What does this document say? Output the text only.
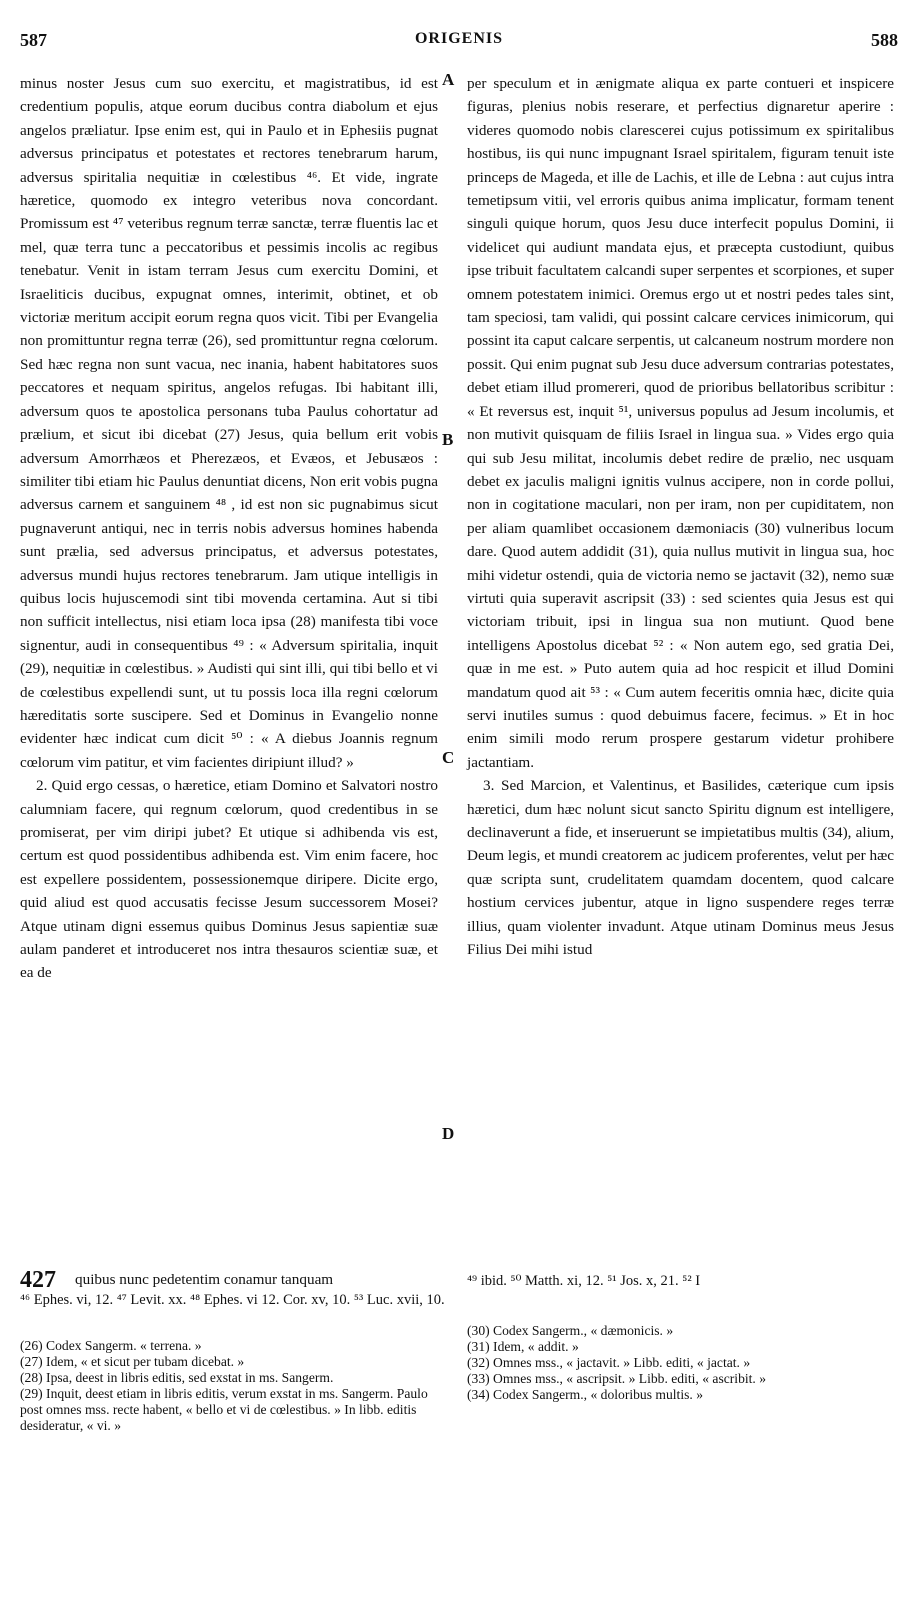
587	ORIGENIS	588

minus noster Jesus cum suo exercitu, et magistratibus, id est credentium populis, atque eorum ducibus contra diabolum et ejus angelos præliatur. Ipse enim est, qui in Paulo et in Ephesiis pugnat adversus principatus et potestates et rectores tenebrarum harum, adversus spiritalia nequitiæ in cœlestibus ⁴⁶. Et vide, ingrate hæretice, quomodo ex integro veteribus nova concordant. Promissum est ⁴⁷ veteribus regnum terræ sanctæ, terræ fluentis lac et mel, quæ terra tunc a peccatoribus et pessimis incolis ac regibus tenebatur. Venit in istam terram Jesus cum exercitu Domini, et Israeliticis ducibus, expugnat omnes, interimit, obtinet, et ob victoriæ meritum accipit eorum regna quos vicit. Tibi per Evangelia non promittuntur regna terræ (26), sed promittuntur regna cœlorum. Sed hæc regna non sunt vacua, nec inania, habent habitatores suos peccatores et nequam spiritus, angelos refugas. Ibi habitant illi, adversum quos te apostolica personans tuba Paulus cohortatur ad prælium, et sicut ibi dicebat (27) Jesus, quia bellum erit vobis adversum Amorrhæos et Pherezæos, et Evæos, et Jebusæos : similiter tibi etiam hic Paulus denuntiat dicens, Non erit vobis pugna adversus carnem et sanguinem ⁴⁸ , id est non sic pugnabimus sicut pugnaverunt antiqui, nec in terris nobis adversus homines habenda sunt prælia, sed adversus principatus, et adversus potestates, adversus mundi hujus rectores tenebrarum. Jam utique intelligis in quibus locis hujuscemodi sint tibi movenda certamina. Aut si tibi non sufficit intellectus, nisi etiam loca ipsa (28) manifesta tibi voce signentur, audi in consequentibus ⁴⁹ : « Adversum spiritalia, inquit (29), nequitiæ in cœlestibus. » Audisti qui sint illi, qui tibi bello et vi de cœlestibus expellendi sunt, ut tu possis loca illa regni cœlorum hæreditatis sorte suscipere. Sed et Dominus in Evangelio nonne evidenter hæc indicat cum dicit ⁵⁰ : « A diebus Joannis regnum cœlorum vim patitur, et vim facientes diripiunt illud? »

2. Quid ergo cessas, o hæretice, etiam Domino et Salvatori nostro calumniam facere, qui regnum cœlorum, quod credentibus in se promiserat, per vim diripi jubet? Et utique si adhibenda vis est, certum est quod possidentibus adhibenda est. Vim enim facere, hoc est expellere possidentem, possessionemque diripere. Dicite ergo, quid aliud est quod accusatis fecisse Jesum successorem Mosei? Atque utinam digni essemus quibus Dominus Jesus sapientiæ suæ aulam panderet et introduceret nos intra thesauros scientiæ suæ, et ea de

A
B
C
D

per speculum et in ænigmate aliqua ex parte contueri et inspicere figuras, plenius nobis reserare, et perfectius dignaretur aperire : videres quomodo nobis clarescerei cujus potissimum ex spiritalibus hostibus, iis qui nunc impugnant Israel spiritalem, figuram tenuit iste princeps de Mageda, et ille de Lachis, et ille de Lebna : aut cujus intra temetipsum vitii, vel erroris quibus anima implicatur, formam tenent singuli quique horum, quos Jesu duce interfecit populus Domini, ii videlicet qui audiunt mandata ejus, et præcepta custodiunt, quibus ipse tribuit facultatem calcandi super serpentes et scorpiones, et super omnem potestatem inimici. Oremus ergo ut et nostri pedes tales sint, tam speciosi, tam validi, qui possint calcare cervices inimicorum, qui possint ita caput calcare serpentis, ut calcaneum nostrum mordere non possit. Qui enim pugnat sub Jesu duce adversum contrarias potestates, debet etiam illud promereri, quod de prioribus bellatoribus scribitur : « Et reversus est, inquit ⁵¹, universus populus ad Jesum incolumis, et non mutivit quisquam de filiis Israel in lingua sua. » Vides ergo quia qui sub Jesu militat, incolumis debet redire de prælio, nec usquam debet ex jaculis maligni ignitis vulnus accipere, non in corde pollui, non in cogitatione maculari, non per iram, non per cupiditatem, non per aliam quamlibet occasionem dæmoniacis (30) vulneribus locum dare. Quod autem addidit (31), quia nullus mutivit in lingua sua, hoc mihi videtur ostendi, quia de victoria nemo se jactavit (32), nemo suæ virtuti quia superavit ascripsit (33) : sed scientes quia Jesus est qui victoriam tribuit, ipsi in lingua sua non mutiunt. Quod bene intelligens Apostolus dicebat ⁵² : « Non autem ego, sed gratia Dei, quæ in me est. » Puto autem quia ad hoc respicit et illud Domini mandatum quod ait ⁵³ : « Cum autem feceritis omnia hæc, dicite quia servi inutiles sumus : quod debuimus facere, fecimus. » Et in hoc enim simili modo rerum prospere gestarum videtur prohibere jactantiam.

3. Sed Marcion, et Valentinus, et Basilides, cæterique cum ipsis hæretici, dum hæc nolunt sicut sancto Spiritu dignum est intelligere, declinaverunt a fide, et inseruerunt se impietatibus multis (34), alium, Deum legis, et mundi creatorem ac judicem proferentes, velut per hæc quæ scripta sunt, crudelitatem quamdam docentem, quod calcare hostium cervices jubentur, atque in ligno suspendere reges terræ illius, quam violenter invadunt. Atque utinam Dominus meus Jesus Filius Dei mihi istud

427 quibus nunc pedetentim conamur tanquam
⁴⁶ Ephes. vi, 12. ⁴⁷ Levit. xx. ⁴⁸ Ephes. vi 12. Cor. xv, 10. ⁵³ Luc. xvii, 10.
⁴⁹ ibid. ⁵⁰ Matth. xi, 12. ⁵¹ Jos. x, 21. ⁵² I
(26) Codex Sangerm. « terrena. »
(27) Idem, « et sicut per tubam dicebat. »
(28) Ipsa, deest in libris editis, sed exstat in ms. Sangerm.
(29) Inquit, deest etiam in libris editis, verum exstat in ms. Sangerm. Paulo post omnes mss. recte habent, « bello et vi de cœlestibus. » In libb. editis desideratur, « vi. »
(30) Codex Sangerm., « dæmonicis. »
(31) Idem, « addit. »
(32) Omnes mss., « jactavit. » Libb. editi, « jactat. »
(33) Omnes mss., « ascripsit. » Libb. editi, « ascribit. »
(34) Codex Sangerm., « doloribus multis. »
